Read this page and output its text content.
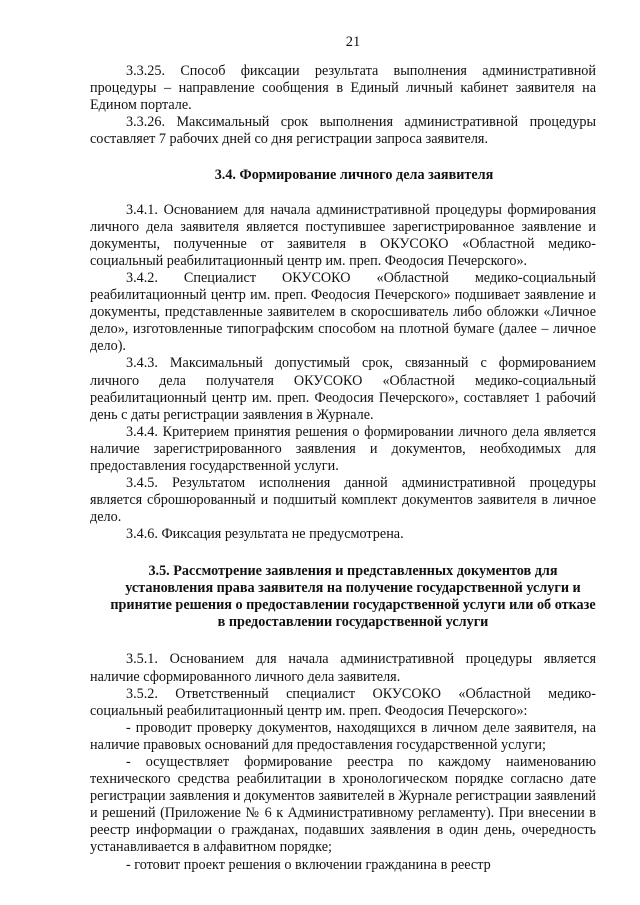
21

3.3.25. Способ фиксации результата выполнения административной процедуры – направление сообщения в Единый личный кабинет заявителя на Едином портале.

3.3.26. Максимальный срок выполнения административной процедуры составляет 7 рабочих дней со дня регистрации запроса заявителя.

3.4. Формирование личного дела заявителя

3.4.1. Основанием для начала административной процедуры формирования личного дела заявителя является поступившее зарегистрированное заявление и документы, полученные от заявителя в ОКУСОКО «Областной медико-социальный реабилитационный центр им. преп. Феодосия Печерского».

3.4.2. Специалист ОКУСОКО «Областной медико-социальный реабилитационный центр им. преп. Феодосия Печерского» подшивает заявление и документы, представленные заявителем в скоросшиватель либо обложки «Личное дело», изготовленные типографским способом на плотной бумаге (далее – личное дело).

3.4.3. Максимальный допустимый срок, связанный с формированием личного дела получателя ОКУСОКО «Областной медико-социальный реабилитационный центр им. преп. Феодосия Печерского», составляет 1 рабочий день с даты регистрации заявления в Журнале.

3.4.4. Критерием принятия решения о формировании личного дела является наличие зарегистрированного заявления и документов, необходимых для предоставления государственной услуги.

3.4.5. Результатом исполнения данной административной процедуры является сброшюрованный и подшитый комплект документов заявителя в личное дело.

3.4.6. Фиксация результата не предусмотрена.

3.5. Рассмотрение заявления и представленных документов для установления права заявителя на получение государственной услуги и принятие решения о предоставлении государственной услуги или об отказе в предоставлении государственной услуги

3.5.1. Основанием для начала административной процедуры является наличие сформированного личного дела заявителя.

3.5.2. Ответственный специалист ОКУСОКО «Областной медико-социальный реабилитационный центр им. преп. Феодосия Печерского»:

- проводит проверку документов, находящихся в личном деле заявителя, на наличие правовых оснований для предоставления государственной услуги;

- осуществляет формирование реестра по каждому наименованию технического средства реабилитации в хронологическом порядке согласно дате регистрации заявления и документов заявителей в Журнале регистрации заявлений и решений (Приложение № 6 к Административному регламенту). При внесении в реестр информации о гражданах, подавших заявления в один день, очередность устанавливается в алфавитном порядке;

- готовит проект решения о включении гражданина в реестр
